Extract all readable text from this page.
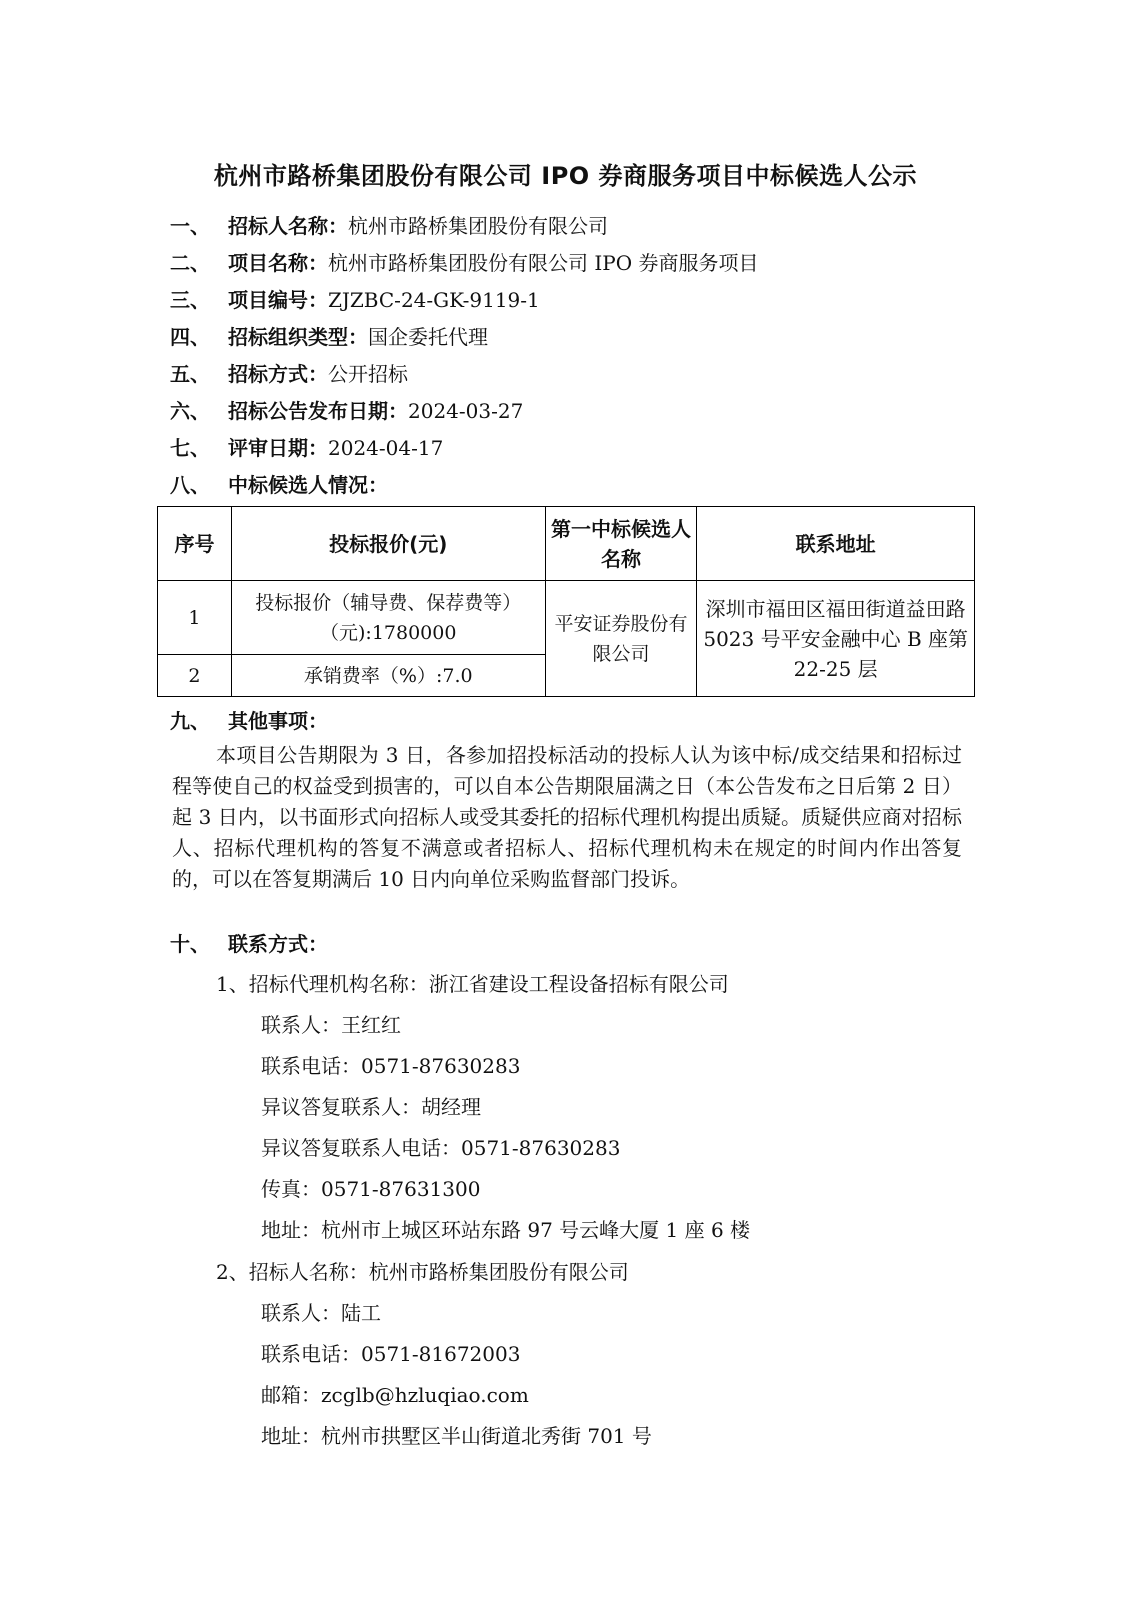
杭州市路桥集团股份有限公司 IPO 券商服务项目中标候选人公示
一、 招标人名称：杭州市路桥集团股份有限公司
二、 项目名称：杭州市路桥集团股份有限公司 IPO 券商服务项目
三、 项目编号：ZJZBC-24-GK-9119-1
四、 招标组织类型：国企委托代理
五、 招标方式：公开招标
六、 招标公告发布日期：2024-03-27
七、 评审日期：2024-04-17
八、 中标候选人情况：
序号	投标报价(元)	第一中标候选人名称	联系地址
1	投标报价（辅导费、保荐费等）（元):1780000	平安证券股份有限公司	深圳市福田区福田街道益田路 5023 号平安金融中心 B 座第 22-25 层
2	承销费率（%）:7.0		
九、 其他事项：
本项目公告期限为 3 日，各参加招投标活动的投标人认为该中标/成交结果和招标过程等使自己的权益受到损害的，可以自本公告期限届满之日（本公告发布之日后第 2 日）起 3 日内，以书面形式向招标人或受其委托的招标代理机构提出质疑。质疑供应商对招标人、招标代理机构的答复不满意或者招标人、招标代理机构未在规定的时间内作出答复的，可以在答复期满后 10 日内向单位采购监督部门投诉。
十、 联系方式：
1、招标代理机构名称：浙江省建设工程设备招标有限公司
联系人：王红红
联系电话：0571-87630283
异议答复联系人：胡经理
异议答复联系人电话：0571-87630283
传真：0571-87631300
地址：杭州市上城区环站东路 97 号云峰大厦 1 座 6 楼
2、招标人名称：杭州市路桥集团股份有限公司
联系人：陆工
联系电话：0571-81672003
邮箱：zcglb@hzluqiao.com
地址：杭州市拱墅区半山街道北秀街 701 号
